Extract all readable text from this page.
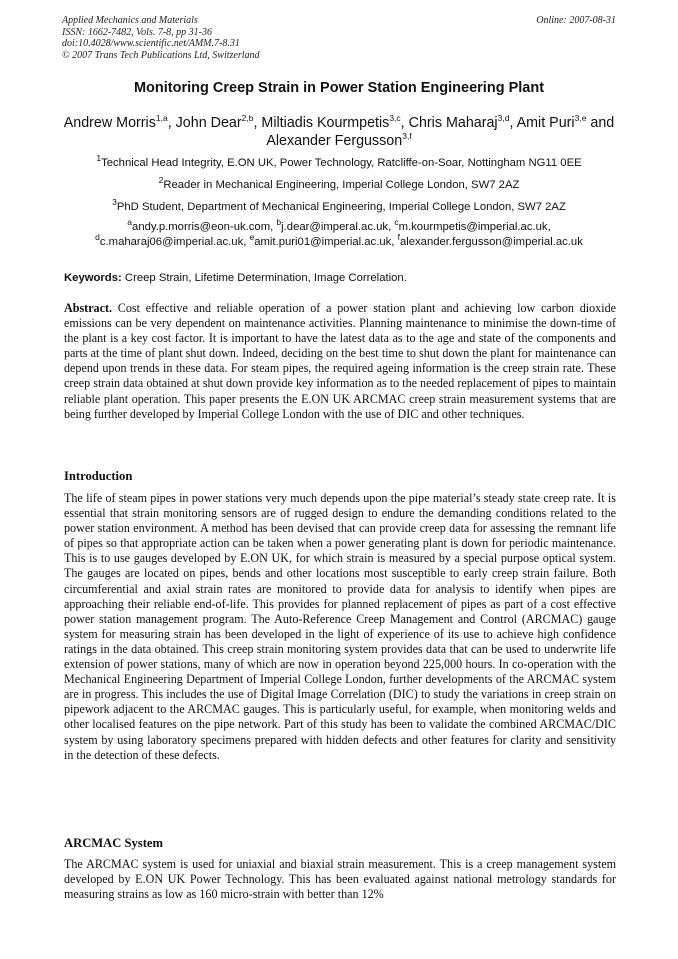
Applied Mechanics and Materials
ISSN: 1662-7482, Vols. 7-8, pp 31-36
doi:10.4028/www.scientific.net/AMM.7-8.31
© 2007 Trans Tech Publications Ltd, Switzerland
Online: 2007-08-31
Monitoring Creep Strain in Power Station Engineering Plant
Andrew Morris$^{1,a}$, John Dear$^{2,b}$, Miltiadis Kourmpetis$^{3,c}$, Chris Maharaj$^{3,d}$, Amit Puri$^{3,e}$ and Alexander Fergusson$^{3,f}$
$^1$Technical Head Integrity, E.ON UK, Power Technology, Ratcliffe-on-Soar, Nottingham NG11 0EE
$^2$Reader in Mechanical Engineering, Imperial College London, SW7 2AZ
$^3$PhD Student, Department of Mechanical Engineering, Imperial College London, SW7 2AZ
$^a$andy.p.morris@eon-uk.com, $^b$j.dear@imperal.ac.uk, $^c$m.kourmpetis@imperial.ac.uk,
$^d$c.maharaj06@imperial.ac.uk, $^e$amit.puri01@imperial.ac.uk, $^f$alexander.fergusson@imperial.ac.uk
Keywords: Creep Strain, Lifetime Determination, Image Correlation.
Abstract. Cost effective and reliable operation of a power station plant and achieving low carbon dioxide emissions can be very dependent on maintenance activities. Planning maintenance to minimise the down-time of the plant is a key cost factor. It is important to have the latest data as to the age and state of the components and parts at the time of plant shut down. Indeed, deciding on the best time to shut down the plant for maintenance can depend upon trends in these data. For steam pipes, the required ageing information is the creep strain rate. These creep strain data obtained at shut down provide key information as to the needed replacement of pipes to maintain reliable plant operation. This paper presents the E.ON UK ARCMAC creep strain measurement systems that are being further developed by Imperial College London with the use of DIC and other techniques.
Introduction
The life of steam pipes in power stations very much depends upon the pipe material’s steady state creep rate. It is essential that strain monitoring sensors are of rugged design to endure the demanding conditions related to the power station environment. A method has been devised that can provide creep data for assessing the remnant life of pipes so that appropriate action can be taken when a power generating plant is down for periodic maintenance. This is to use gauges developed by E.ON UK, for which strain is measured by a special purpose optical system. The gauges are located on pipes, bends and other locations most susceptible to early creep strain failure. Both circumferential and axial strain rates are monitored to provide data for analysis to identify when pipes are approaching their reliable end-of-life. This provides for planned replacement of pipes as part of a cost effective power station management program. The Auto-Reference Creep Management and Control (ARCMAC) gauge system for measuring strain has been developed in the light of experience of its use to achieve high confidence ratings in the data obtained. This creep strain monitoring system provides data that can be used to underwrite life extension of power stations, many of which are now in operation beyond 225,000 hours. In co-operation with the Mechanical Engineering Department of Imperial College London, further developments of the ARCMAC system are in progress. This includes the use of Digital Image Correlation (DIC) to study the variations in creep strain on pipework adjacent to the ARCMAC gauges. This is particularly useful, for example, when monitoring welds and other localised features on the pipe network. Part of this study has been to validate the combined ARCMAC/DIC system by using laboratory specimens prepared with hidden defects and other features for clarity and sensitivity in the detection of these defects.
ARCMAC System
The ARCMAC system is used for uniaxial and biaxial strain measurement. This is a creep management system developed by E.ON UK Power Technology. This has been evaluated against national metrology standards for measuring strains as low as 160 micro-strain with better than 12%
